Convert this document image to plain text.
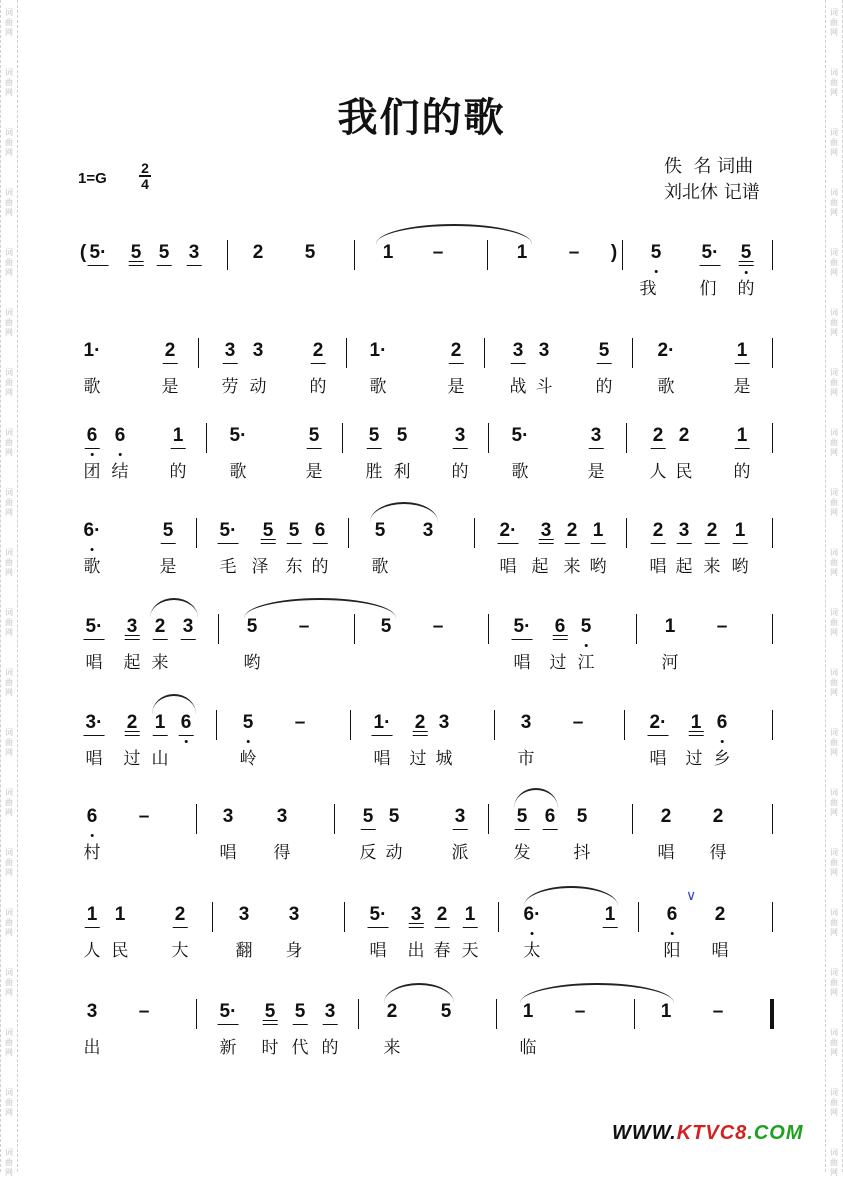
词
曲
网
词
曲
网
词
曲
网
词
曲
网
词
曲
网
词
曲
网
词
曲
网
词
曲
网
词
曲
网
词
曲
网
词
曲
网
词
曲
网
词
曲
网
词
曲
网
词
曲
网
词
曲
网
词
曲
网
词
曲
网
词
曲
网
词
曲
网
词
曲
网
词
曲
网
词
曲
网
词
曲
网
词
曲
网
词
曲
网
词
曲
网
词
曲
网
词
曲
网
词
曲
网
词
曲
网
词
曲
网
词
曲
网
词
曲
网
词
曲
网
词
曲
网
词
曲
网
词
曲
网
词
曲
网
词
曲
网
我们的歌
1=G
2
4
佚  名 词曲
刘北休 记谱
( 5· 5 5 3	2 5	1 –	1 – ) 5 5· 5
我	们 的
1·	2	3 3	2 1·	2	3 3	5	2·	1
歌	是	劳 动	的	歌	是	战 斗	的	歌	是
6 6 1 5·	5	5 5 3 5·	3	2 2 1
团 结 的	歌	是	胜 利 的	歌	是	人 民 的
6·	5 5· 5 5 6	5 3	2· 3 2 1	2 3 2 1
歌	是	毛 泽 东 的	歌	唱 起 来 哟	唱 起 来 哟
5· 3 2 3	5 –	5 –	5· 6 5	1 –
唱 起 来	哟	唱 过 江	河
3· 2 1 6	5 –	1· 2 3	3 –	2· 1 6
唱 过 山	岭	唱 过 城	市	唱 过 乡
6 –	3 3	5 5	3	5 6 5	2 2
村	唱 得	反 动	派	发	抖	唱 得
1 1	2	3 3	5· 3 2 1	6·	1	6 2
人 民	大	翻 身	唱 出 春 天	太	阳 唱
3 –	5· 5 5 3	2 5	1 –	1 –
出	新 时 代 的	来	临
∨
WWW.KTVC8.COM
